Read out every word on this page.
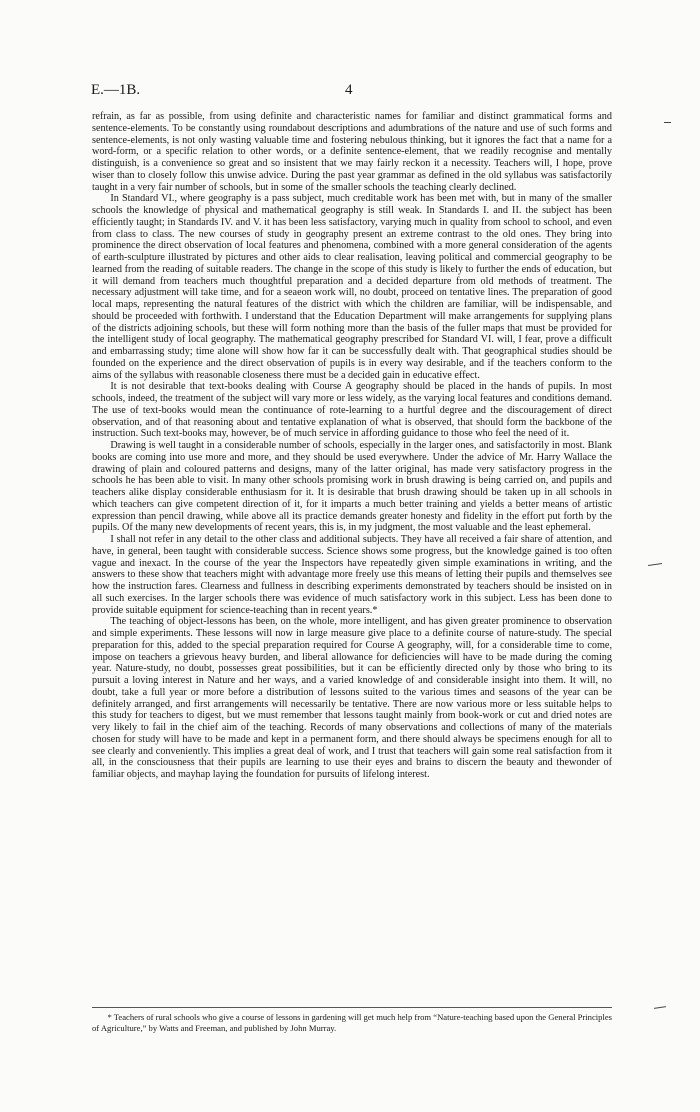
E.—1B.	4

refrain, as far as possible, from using definite and characteristic names for familiar and distinct grammatical forms and sentence-elements. To be constantly using roundabout descriptions and adumbrations of the nature and use of such forms and sentence-elements, is not only wasting valuable time and fostering nebulous thinking, but it ignores the fact that a name for a word-form, or a specific relation to other words, or a definite sentence-element, that we readily recognise and mentally distinguish, is a convenience so great and so insistent that we may fairly reckon it a necessity. Teachers will, I hope, prove wiser than to closely follow this unwise advice. During the past year grammar as defined in the old syllabus was satisfactorily taught in a very fair number of schools, but in some of the smaller schools the teaching clearly declined.

In Standard VI., where geography is a pass subject, much creditable work has been met with, but in many of the smaller schools the knowledge of physical and mathematical geography is still weak. In Standards I. and II. the subject has been efficiently taught; in Standards IV. and V. it has been less satisfactory, varying much in quality from school to school, and even from class to class. The new courses of study in geography present an extreme contrast to the old ones. They bring into prominence the direct observation of local features and phenomena, combined with a more general consideration of the agents of earth-sculpture illustrated by pictures and other aids to clear realisation, leaving political and commercial geography to be learned from the reading of suitable readers. The change in the scope of this study is likely to further the ends of education, but it will demand from teachers much thoughtful preparation and a decided departure from old methods of treatment. The necessary adjustment will take time, and for a seaeon work will, no doubt, proceed on tentative lines. The preparation of good local maps, representing the natural features of the district with which the children are familiar, will be indispensable, and should be proceeded with forthwith. I understand that the Education Department will make arrangements for supplying plans of the districts adjoining schools, but these will form nothing more than the basis of the fuller maps that must be provided for the intelligent study of local geography. The mathematical geography prescribed for Standard VI. will, I fear, prove a difficult and embarrassing study; time alone will show how far it can be successfully dealt with. That geographical studies should be founded on the experience and the direct observation of pupils is in every way desirable, and if the teachers conform to the aims of the syllabus with reasonable closeness there must be a decided gain in educative effect.

It is not desirable that text-books dealing with Course A geography should be placed in the hands of pupils. In most schools, indeed, the treatment of the subject will vary more or less widely, as the varying local features and conditions demand. The use of text-books would mean the continuance of rote-learning to a hurtful degree and the discouragement of direct observation, and of that reasoning about and tentative explanation of what is observed, that should form the backbone of the instruction. Such text-books may, however, be of much service in affording guidance to those who feel the need of it.

Drawing is well taught in a considerable number of schools, especially in the larger ones, and satisfactorily in most. Blank books are coming into use more and more, and they should be used everywhere. Under the advice of Mr. Harry Wallace the drawing of plain and coloured patterns and designs, many of the latter original, has made very satisfactory progress in the schools he has been able to visit. In many other schools promising work in brush drawing is being carried on, and pupils and teachers alike display considerable enthusiasm for it. It is desirable that brush drawing should be taken up in all schools in which teachers can give competent direction of it, for it imparts a much better training and yields a better means of artistic expression than pencil drawing, while above all its practice demands greater honesty and fidelity in the effort put forth by the pupils. Of the many new developments of recent years, this is, in my judgment, the most valuable and the least ephemeral.

I shall not refer in any detail to the other class and additional subjects. They have all received a fair share of attention, and have, in general, been taught with considerable success. Science shows some progress, but the knowledge gained is too often vague and inexact. In the course of the year the Inspectors have repeatedly given simple examinations in writing, and the answers to these show that teachers might with advantage more freely use this means of letting their pupils and themselves see how the instruction fares. Clearness and fullness in describing experiments demonstrated by teachers should be insisted on in all such exercises. In the larger schools there was evidence of much satisfactory work in this subject. Less has been done to provide suitable equipment for science-teaching than in recent years.*

The teaching of object-lessons has been, on the whole, more intelligent, and has given greater prominence to observation and simple experiments. These lessons will now in large measure give place to a definite course of nature-study. The special preparation for this, added to the special preparation required for Course A geography, will, for a considerable time to come, impose on teachers a grievous heavy burden, and liberal allowance for deficiencies will have to be made during the coming year. Nature-study, no doubt, possesses great possibilities, but it can be efficiently directed only by those who bring to its pursuit a loving interest in Nature and her ways, and a varied knowledge of and considerable insight into them. It will, no doubt, take a full year or more before a distribution of lessons suited to the various times and seasons of the year can be definitely arranged, and first arrangements will necessarily be tentative. There are now various more or less suitable helps to this study for teachers to digest, but we must remember that lessons taught mainly from book-work or cut and dried notes are very likely to fail in the chief aim of the teaching. Records of many observations and collections of many of the materials chosen for study will have to be made and kept in a permanent form, and there should always be specimens enough for all to see clearly and conveniently. This implies a great deal of work, and I trust that teachers will gain some real satisfaction from it all, in the consciousness that their pupils are learning to use their eyes and brains to discern the beauty and thewonder of familiar objects, and mayhap laying the foundation for pursuits of lifelong interest.

* Teachers of rural schools who give a course of lessons in gardening will get much help from “Nature-teaching based upon the General Principles of Agriculture,” by Watts and Freeman, and published by John Murray.
